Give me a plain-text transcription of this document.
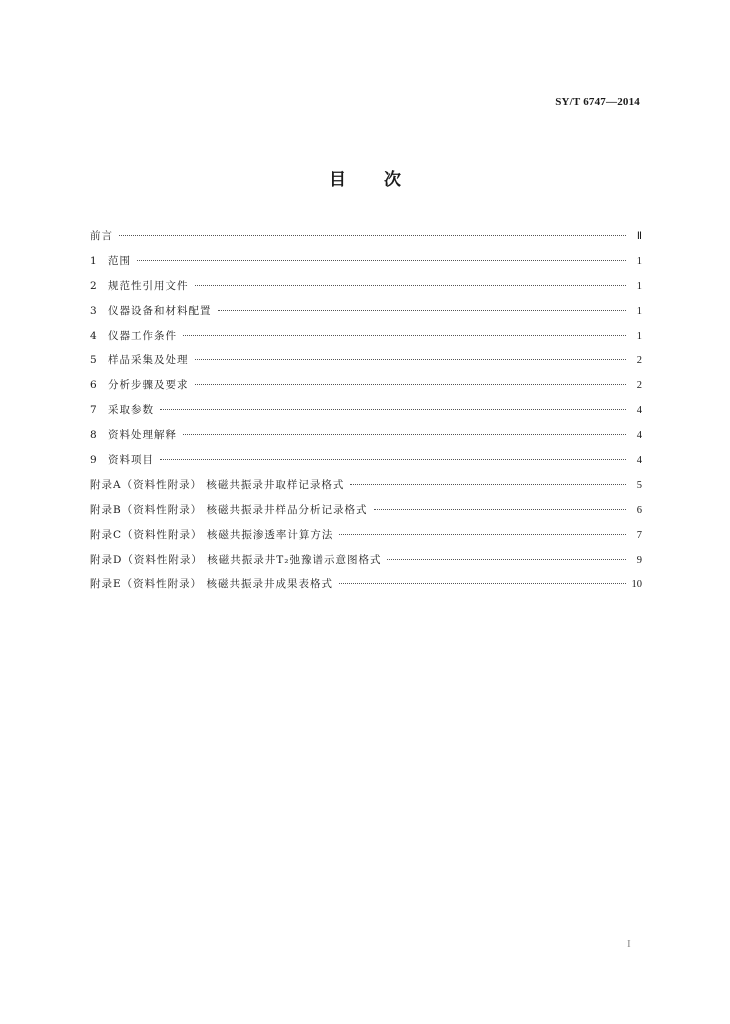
SY/T 6747—2014
目次
前言	Ⅱ
1	范围	1
2	规范性引用文件	1
3	仪器设备和材料配置	1
4	仪器工作条件	1
5	样品采集及处理	2
6	分析步骤及要求	2
7	采取参数	4
8	资料处理解释	4
9	资料项目	4
附录A（资料性附录） 核磁共振录井取样记录格式	5
附录B（资料性附录） 核磁共振录井样品分析记录格式	6
附录C（资料性附录） 核磁共振渗透率计算方法	7
附录D（资料性附录） 核磁共振录井T₂弛豫谱示意图格式	9
附录E（资料性附录） 核磁共振录井成果表格式	10
I
